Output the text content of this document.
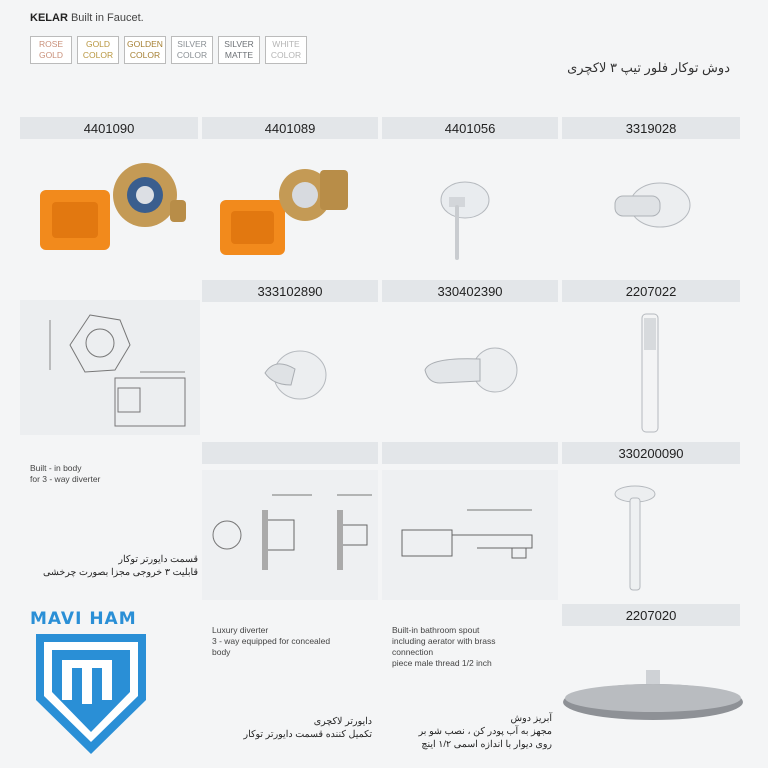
KELAR Built in Faucet.
ROSE
GOLD
GOLD
COLOR
GOLDEN
COLOR
SILVER
COLOR
SILVER
MATTE
WHITE
COLOR
دوش توکار فلور تیپ ۳ لاکچری
4401090	4401089	4401056	3319028
333102890	330402390	2207022
Built - in body
for 3 - way diverter
قسمت دایورتر توکار
قابلیت ۳ خروجی مجزا بصورت چرخشی
330200090
2207020
Luxury diverter
3 - way equipped for concealed
body
دایورتر لاکچری
تکمیل کننده قسمت دایورتر توکار
Built-in bathroom spout
including aerator with brass
connection
piece male thread 1/2 inch
آبریز دوش
مجهز به آب پودر کن ، نصب شو بر
روی دیوار با اندازه اسمی ۱/۲ اینچ
MAVI HAM
